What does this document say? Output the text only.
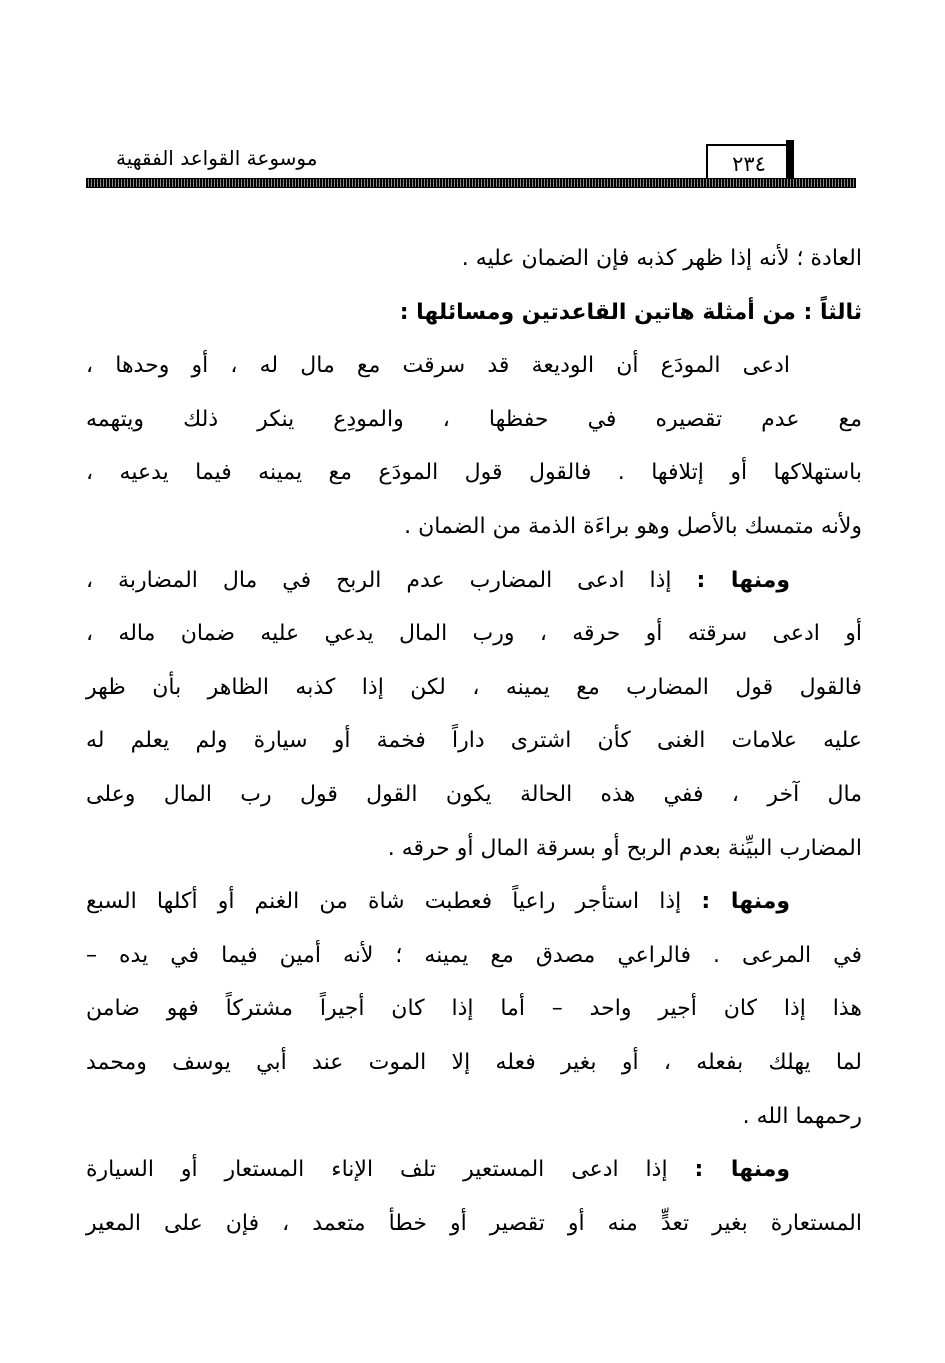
موسوعة القواعد الفقهية	٢٣٤
العادة ؛ لأنه إذا ظهر كذبه فإن الضمان عليه .
ثالثاً : من أمثلة هاتين القاعدتين ومسائلها :
ادعى المودَع أن الوديعة قد سرقت مع مال له ، أو وحدها ،
مع عدم تقصيره في حفظها ، والمودِع ينكر ذلك ويتهمه
باستهلاكها أو إتلافها . فالقول قول المودَع مع يمينه فيما يدعيه ،
ولأنه متمسك بالأصل وهو براءَة الذمة من الضمان .
ومنها : إذا ادعى المضارب عدم الربح في مال المضاربة ،
أو ادعى سرقته أو حرقه ، ورب المال يدعي عليه ضمان ماله ،
فالقول قول المضارب مع يمينه ، لكن إذا كذبه الظاهر بأن ظهر
عليه علامات الغنى كأن اشترى داراً فخمة أو سيارة ولم يعلم له
مال آخر ، ففي هذه الحالة يكون القول قول رب المال وعلى
المضارب البيِّنة بعدم الربح أو بسرقة المال أو حرقه .
ومنها : إذا استأجر راعياً فعطبت شاة من الغنم أو أكلها السبع
في المرعى . فالراعي مصدق مع يمينه ؛ لأنه أمين فيما في يده –
هذا إذا كان أجير واحد – أما إذا كان أجيراً مشتركاً فهو ضامن
لما يهلك بفعله ، أو بغير فعله إلا الموت عند أبي يوسف ومحمد
رحمهما الله .
ومنها : إذا ادعى المستعير تلف الإناء المستعار أو السيارة
المستعارة بغير تعدٍّ منه أو تقصير أو خطأ متعمد ، فإن على المعير
